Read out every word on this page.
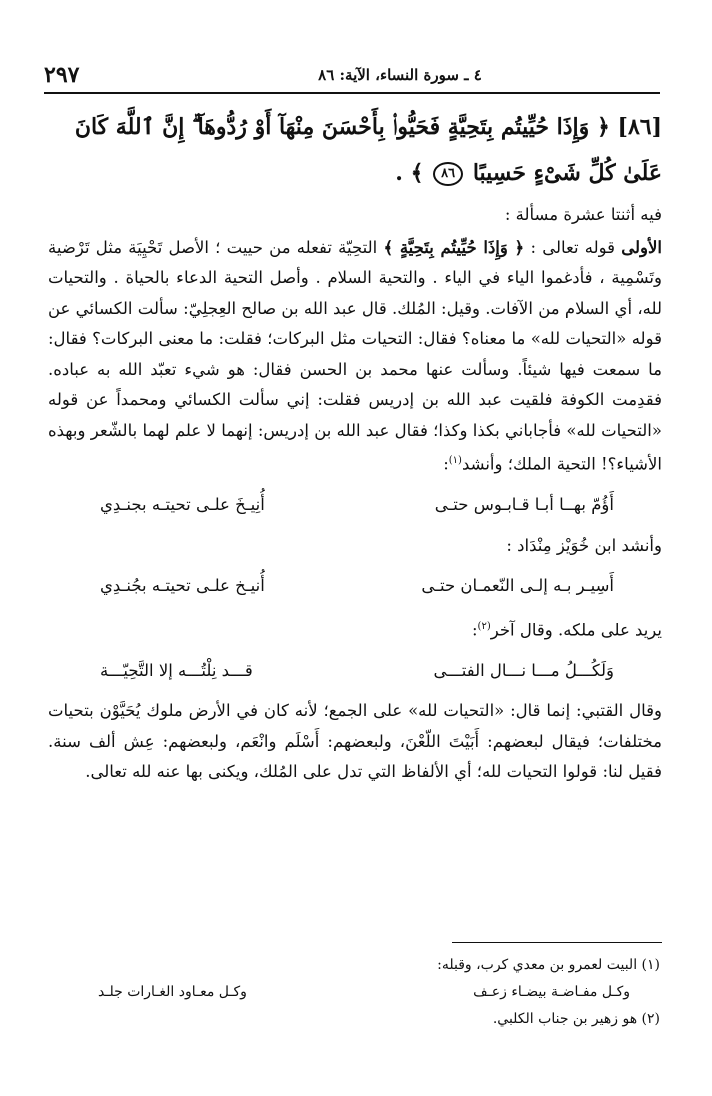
٢٩٧	٤ ـ سورة النساء، الآية: ٨٦
[٨٦] ﴿ وَإِذَا حُيِّيتُم بِتَحِيَّةٍ فَحَيُّوا۟ بِأَحْسَنَ مِنْهَآ أَوْ رُدُّوهَآ ۗ إِنَّ ٱللَّهَ كَانَ عَلَىٰ كُلِّ شَىْءٍ حَسِيبًا ٨٦ ﴾ .

فيه أثنتا عشرة مسألة :

الأولى قوله تعالى : ﴿ وَإِذَا حُيِّيتُم بِتَحِيَّةٍ ﴾ التحِيّة تفعله من حييت ؛ الأصل تَحْيِيَة مثل تَرْضية وتَسْمِية ، فأدغموا الياء في الياء . والتحية السلام . وأصل التحية الدعاء بالحياة . والتحيات لله، أي السلام من الآفات. وقيل: المُلك. قال عبد الله بن صالح العِجلِيّ: سألت الكسائي عن قوله «التحيات لله» ما معناه؟ فقال: التحيات مثل البركات؛ فقلت: ما معنى البركات؟ فقال: ما سمعت فيها شيئاً. وسألت عنها محمد بن الحسن فقال: هو شيء تعبّد الله به عباده. فقدِمت الكوفة فلقيت عبد الله بن إدريس فقلت: إني سألت الكسائي ومحمداً عن قوله «التحيات لله» فأجاباني بكذا وكذا؛ فقال عبد الله بن إدريس: إنهما لا علم لهما بالشّعر وبهذه الأشياء؟! التحية الملك؛ وأنشد$^{(١)}$:

أَؤُمّ بهــا أبـا قـابـوس حتـى
أُنِيـخَ علـى تحيتـه بجنـدِي

وأنشد ابن خُوَيْز مِنْدَاد :

أَسِيـر بـه إلـى النّعمـان حتـى
أُنيـخ علـى تحيتـه بجُنـدِي

يريد على ملكه. وقال آخر$^{(٢)}$:

وَلَكُـــلُ مـــا نـــال الفتـــى
قـــد نِلْتُـــه إلا التَّحِيّـــة

وقال القتبي: إنما قال: «التحيات لله» على الجمع؛ لأنه كان في الأرض ملوك يُحَيَّوْن بتحيات مختلفات؛ فيقال لبعضهم: أَبَيْتَ اللّعْنَ، ولبعضهم: أَسْلَم وانْعَم، ولبعضهم: عِش ألف سنة. فقيل لنا: قولوا التحيات لله؛ أي الألفاظ التي تدل على المُلك، ويكنى بها عنه لله تعالى.

(١) البيت لعمرو بن معدي كرب، وقبله:
وكـل مفـاضـة بيضـاء زعـف
وكـل معـاود الغـارات جلـد
(٢) هو زهير بن جناب الكلبي.
